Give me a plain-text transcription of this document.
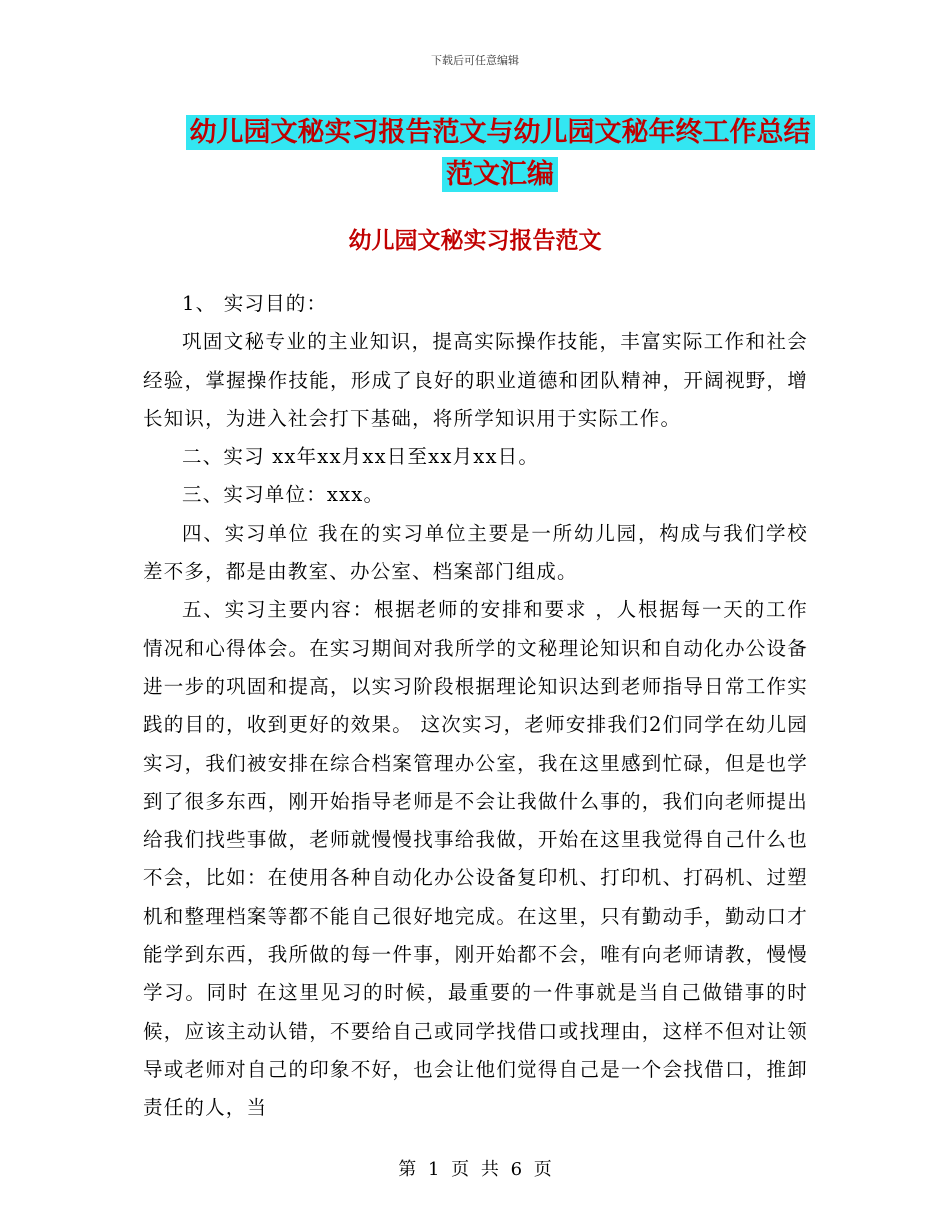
下载后可任意编辑
幼儿园文秘实习报告范文与幼儿园文秘年终工作总结
范文汇编
幼儿园文秘实习报告范文

1、 实习目的：

巩固文秘专业的主业知识，提高实际操作技能，丰富实际工作和社会经验，掌握操作技能，形成了良好的职业道德和团队精神，开阔视野，增长知识，为进入社会打下基础，将所学知识用于实际工作。

二、实习 xx年xx月xx日至xx月xx日。

三、实习单位：xxx。

四、实习单位 我在的实习单位主要是一所幼儿园，构成与我们学校差不多，都是由教室、办公室、档案部门组成。

五、实习主要内容：根据老师的安排和要求 ，人根据每一天的工作情况和心得体会。在实习期间对我所学的文秘理论知识和自动化办公设备进一步的巩固和提高，以实习阶段根据理论知识达到老师指导日常工作实践的目的，收到更好的效果。 这次实习，老师安排我们2们同学在幼儿园实习，我们被安排在综合档案管理办公室，我在这里感到忙碌，但是也学到了很多东西，刚开始指导老师是不会让我做什么事的，我们向老师提出给我们找些事做，老师就慢慢找事给我做，开始在这里我觉得自己什么也不会，比如：在使用各种自动化办公设备复印机、打印机、打码机、过塑机和整理档案等都不能自己很好地完成。在这里，只有勤动手，勤动口才能学到东西，我所做的每一件事，刚开始都不会，唯有向老师请教，慢慢学习。同时 在这里见习的时候，最重要的一件事就是当自己做错事的时候，应该主动认错，不要给自己或同学找借口或找理由，这样不但对让领导或老师对自己的印象不好，也会让他们觉得自己是一个会找借口，推卸责任的人，当

第 1 页 共 6 页
